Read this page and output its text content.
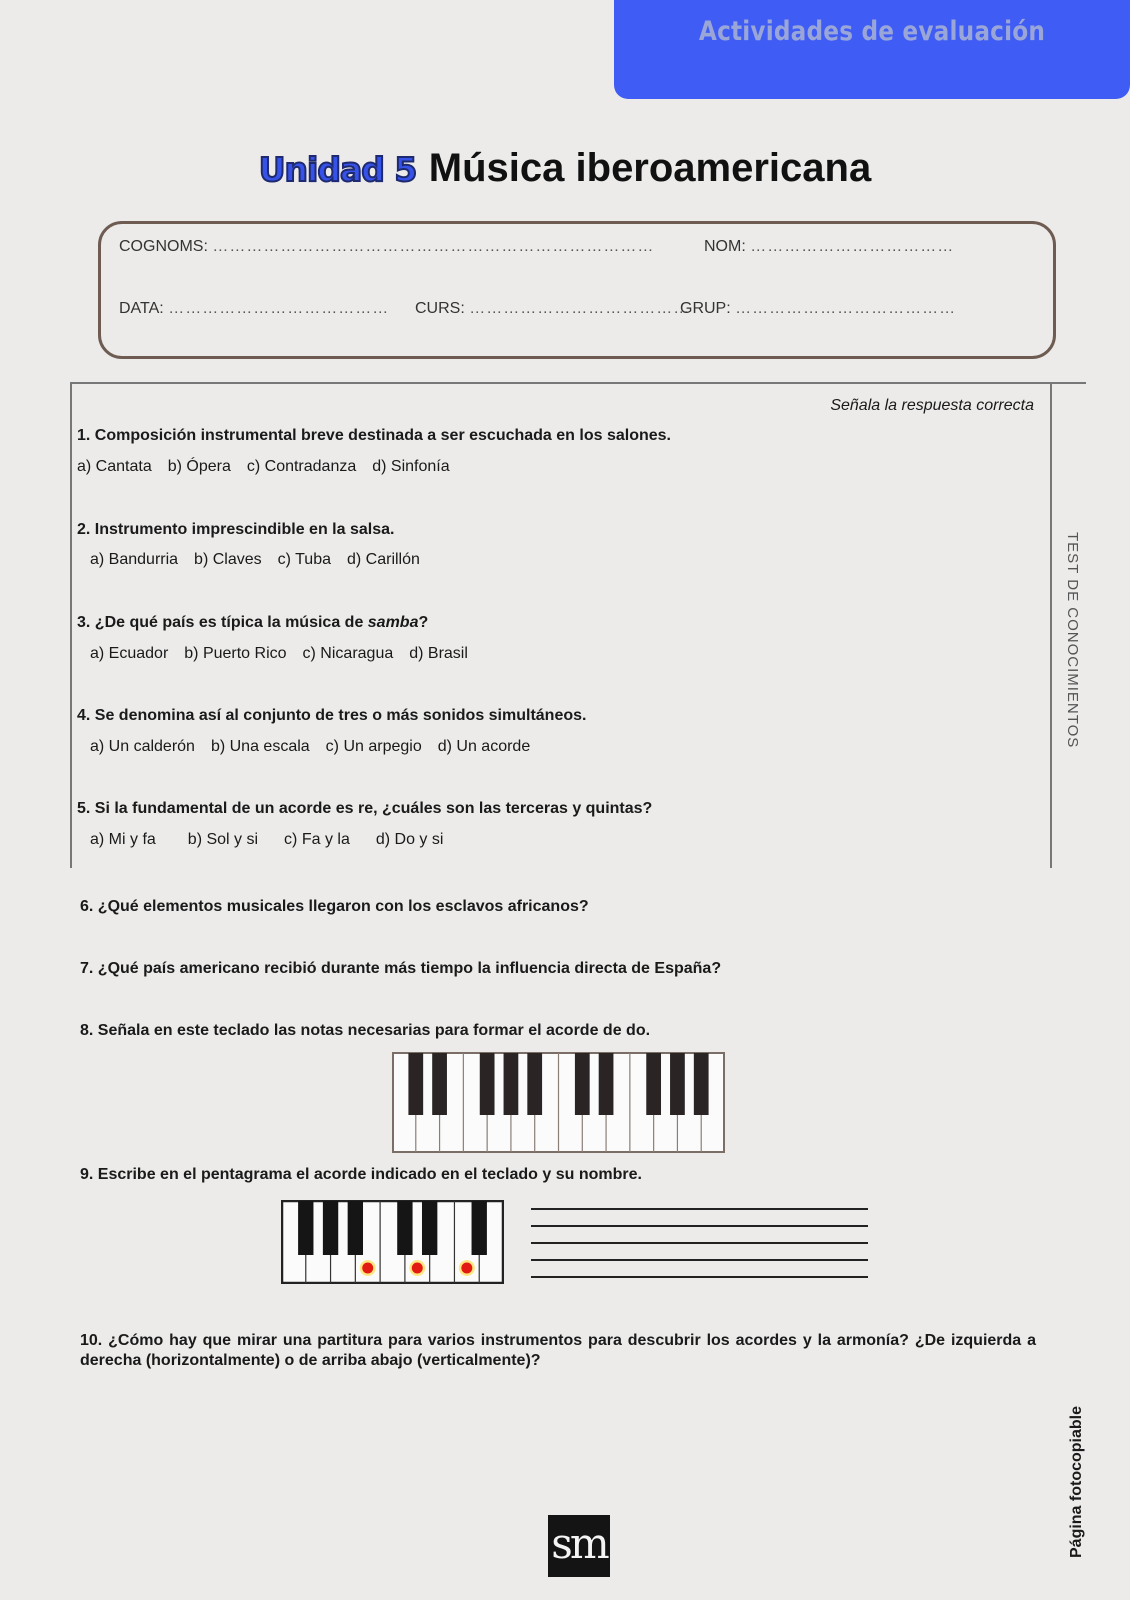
Actividades de evaluación
Unidad 5 Música iberoamericana
COGNOMS: ……………………………………………………………………	NOM: ………………………………
DATA: ………………………………… CURS: …………………………………
GRUP: …………………………………
TEST DE CONOCIMIENTOS
Señala la respuesta correcta
1. Composición instrumental breve destinada a ser escuchada en los salones.
a) Cantata b) Ópera c) Contradanza d) Sinfonía
2. Instrumento imprescindible en la salsa.
a) Bandurria b) Claves c) Tuba d) Carillón
3. ¿De qué país es típica la música de samba?
a) Ecuador b) Puerto Rico c) Nicaragua d) Brasil
4. Se denomina así al conjunto de tres o más sonidos simultáneos.
a) Un calderón b) Una escala c) Un arpegio d) Un acorde
5. Si la fundamental de un acorde es re, ¿cuáles son las terceras y quintas?
a) Mi y fa b) Sol y si c) Fa y la d) Do y si
6. ¿Qué elementos musicales llegaron con los esclavos africanos?
7. ¿Qué país americano recibió durante más tiempo la influencia directa de España?
8. Señala en este teclado las notas necesarias para formar el acorde de do.
9. Escribe en el pentagrama el acorde indicado en el teclado y su nombre.
10. ¿Cómo hay que mirar una partitura para varios instrumentos para descubrir los acordes y la armonía? ¿De izquierda a derecha (horizontalmente) o de arriba abajo (verticalmente)?
Página fotocopiable
sm
